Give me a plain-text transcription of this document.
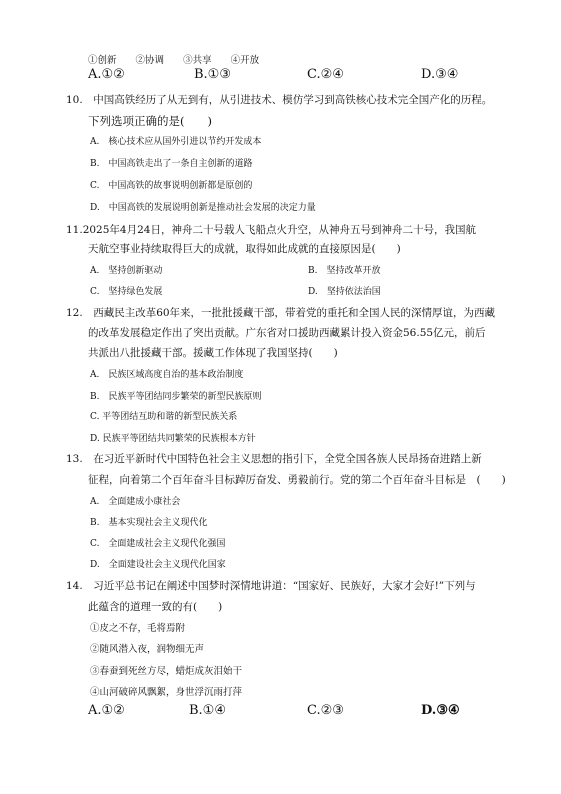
①创新 ②协调 ③共享 ④开放
A.①②	B.①③	C.②④	D.③④
10.　中国高铁经历了从无到有，从引进技术、模仿学习到高铁核心技术完全国产化的历程。
下列选项正确的是(　　)
A.　核心技术应从国外引进以节约开发成本
B.　中国高铁走出了一条自主创新的道路
C.　中国高铁的故事说明创新都是原创的
D.　中国高铁的发展说明创新是推动社会发展的决定力量
11.2025年4月24日，神舟二十号载人飞船点火升空，从神舟五号到神舟二十号，我国航
天航空事业持续取得巨大的成就，取得如此成就的直接原因是(　　)
A.　坚持创新驱动	B.　坚持改革开放
C.　坚持绿色发展	D.　坚持依法治国
12.　西藏民主改革60年来，一批批援藏干部，带着党的重托和全国人民的深情厚谊，为西藏
的改革发展稳定作出了突出贡献。广东省对口援助西藏累计投入资金56.55亿元，前后
共派出八批援藏干部。援藏工作体现了我国坚持(　　)
A.　民族区域高度自治的基本政治制度
B.　民族平等团结同步繁荣的新型民族原则
C. 平等团结互助和谐的新型民族关系
D. 民族平等团结共同繁荣的民族根本方针
13.　在习近平新时代中国特色社会主义思想的指引下，全党全国各族人民昂扬奋进踏上新
征程，向着第二个百年奋斗目标踔厉奋发、勇毅前行。党的第二个百年奋斗目标是　(　　)
A.　全面建成小康社会
B.　基本实现社会主义现代化
C.　全面建成社会主义现代化强国
D.　全面建设社会主义现代化国家
14.　习近平总书记在阐述中国梦时深情地讲道：“国家好、民族好，大家才会好!”下列与
此蕴含的道理一致的有(　　)
①皮之不存，毛将焉附
②随风潜入夜，润物细无声
③春蚕到死丝方尽，蜡炬成灰泪始干
④山河破碎风飘絮，身世浮沉雨打萍
A.①②	B.①④	C.②③	D.③④
